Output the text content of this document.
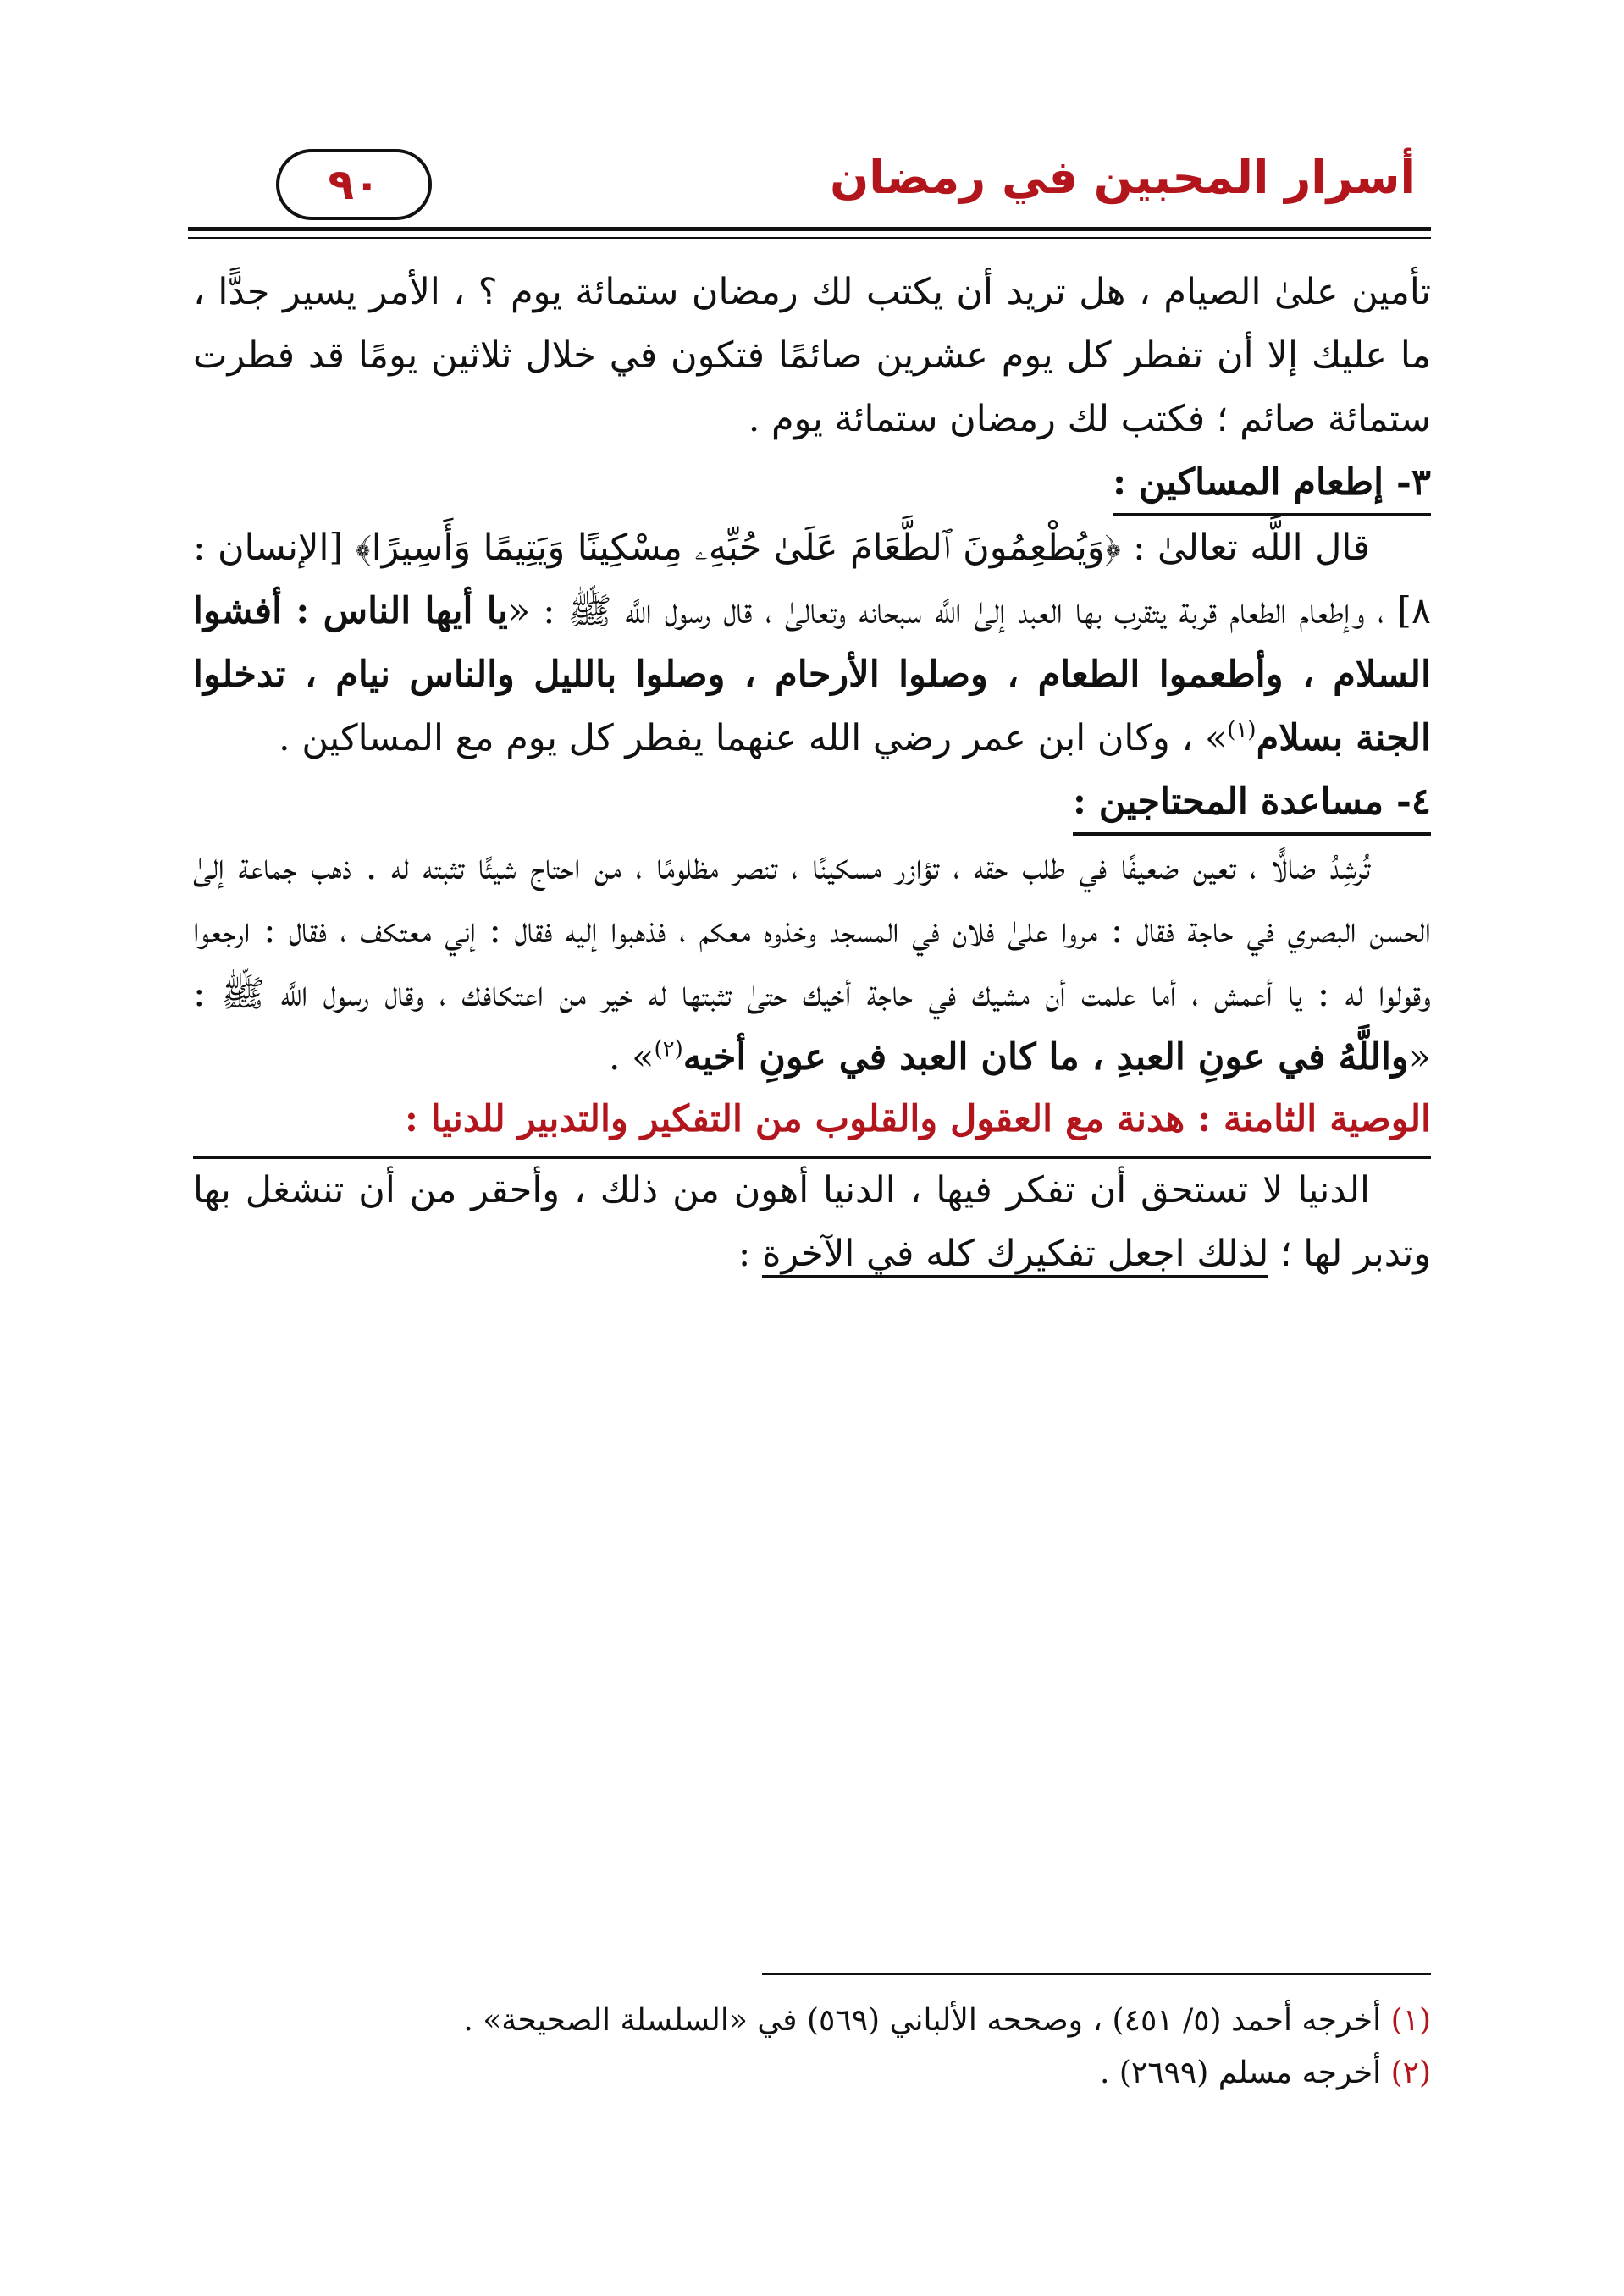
أسرار المحبين في رمضان
٩٠

تأمين علىٰ الصيام ، هل تريد أن يكتب لك رمضان ستمائة يوم ؟ ، الأمر يسير جدًّا ، ما عليك إلا أن تفطر كل يوم عشرين صائمًا فتكون في خلال ثلاثين يومًا قد فطرت ستمائة صائم ؛ فكتب لك رمضان ستمائة يوم .

٣- إطعام المساكين :

قال اللَّه تعالىٰ : ﴿وَيُطْعِمُونَ ٱلطَّعَامَ عَلَىٰ حُبِّهِۦ مِسْكِينًا وَيَتِيمًا وَأَسِيرًا﴾ [الإنسان : ٨] ، وإطعام الطعام قربة يتقرب بها العبد إلىٰ اللَّه سبحانه وتعالىٰ ، قال رسول اللَّه ﷺ : «يا أيها الناس : أفشوا السلام ، وأطعموا الطعام ، وصلوا الأرحام ، وصلوا بالليل والناس نيام ، تدخلوا الجنة بسلام$^{(١)}$» ، وكان ابن عمر رضي الله عنهما يفطر كل يوم مع المساكين .

٤- مساعدة المحتاجين :

تُرشِدُ ضالًّا ، تعين ضعيفًا في طلب حقه ، تؤازر مسكينًا ، تنصر مظلومًا ، من احتاج شيئًا تثبته له . ذهب جماعة إلىٰ الحسن البصري في حاجة فقال : مروا علىٰ فلان في المسجد وخذوه معكم ، فذهبوا إليه فقال : إني معتكف ، فقال : ارجعوا وقولوا له : يا أعمش ، أما علمت أن مشيك في حاجة أخيك حتىٰ تثبتها له خير من اعتكافك ، وقال رسول اللَّه ﷺ : «واللَّهُ في عونِ العبدِ ، ما كان العبد في عونِ أخيه$^{(٢)}$» .

الوصية الثامنة : هدنة مع العقول والقلوب من التفكير والتدبير للدنيا :

الدنيا لا تستحق أن تفكر فيها ، الدنيا أهون من ذلك ، وأحقر من أن تنشغل بها وتدبر لها ؛ لذلك اجعل تفكيرك كله في الآخرة :

(١) أخرجه أحمد (٥/ ٤٥١) ، وصححه الألباني (٥٦٩) في «السلسلة الصحيحة» .

(٢) أخرجه مسلم (٢٦٩٩) .
